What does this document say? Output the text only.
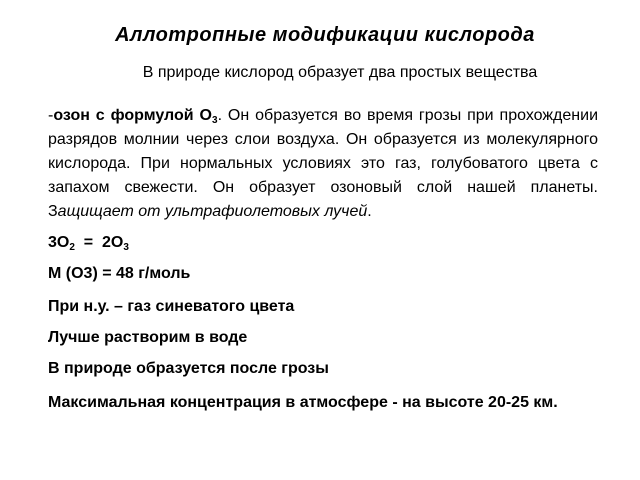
Аллотропные модификации кислорода
В природе кислород образует два простых вещества

-озон с формулой $О_3$. Он образуется во время грозы при прохождении разрядов молнии через слои воздуха. Он образуется из молекулярного кислорода. При нормальных условиях это газ, голубоватого цвета с запахом свежести. Он образует озоновый слой нашей планеты. Защищает от ультрафиолетовых лучей.

$3O_2 = 2O_3$

M (O3) = 48 г/моль

При н.у. – газ синеватого цвета

Лучше растворим в воде

В природе образуется после грозы

Максимальная концентрация в атмосфере - на высоте 20-25 км.
